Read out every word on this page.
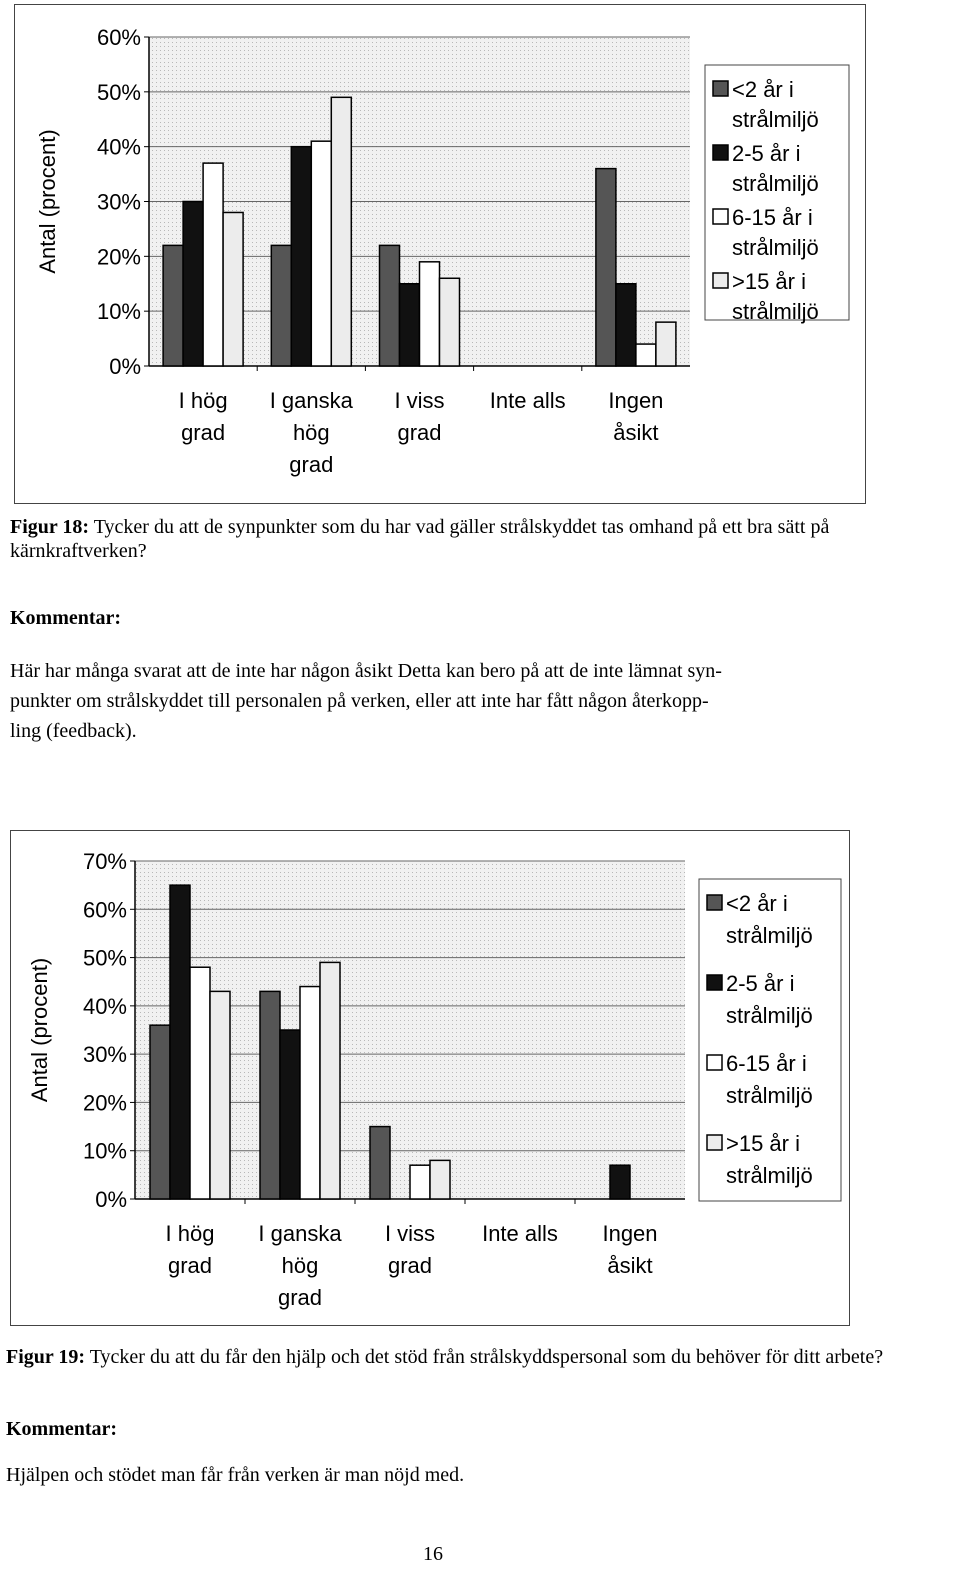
0%
10%
20%
30%
40%
50%
60%
Antal (procent)
I hög
grad
I ganska
hög
grad
I viss
grad
Inte alls Ingen
åsikt
<2 år i
strålmiljö
2-5 år i
strålmiljö
6-15 år i
strålmiljö
>15 år i
strålmiljö
Figur 18: Tycker du att de synpunkter som du har vad gäller strålskyddet tas omhand på ett bra sätt på kärnkraftverken?
Kommentar:
Här har många svarat att de inte har någon åsikt Detta kan bero på att de inte lämnat syn-
punkter om strålskyddet till personalen på verken, eller att inte har fått någon återkopp-
ling (feedback).
0%
10%
20%
30%
40%
50%
60%
70%
Antal (procent)
I hög
grad
I ganska
hög
grad
I viss
grad
Inte alls Ingen
åsikt
<2 år i
strålmiljö
2-5 år i
strålmiljö
6-15 år i
strålmiljö
>15 år i
strålmiljö
Figur 19: Tycker du att du får den hjälp och det stöd från strålskyddspersonal som du behöver för ditt arbete?
Kommentar:
Hjälpen och stödet man får från verken är man nöjd med.
16
